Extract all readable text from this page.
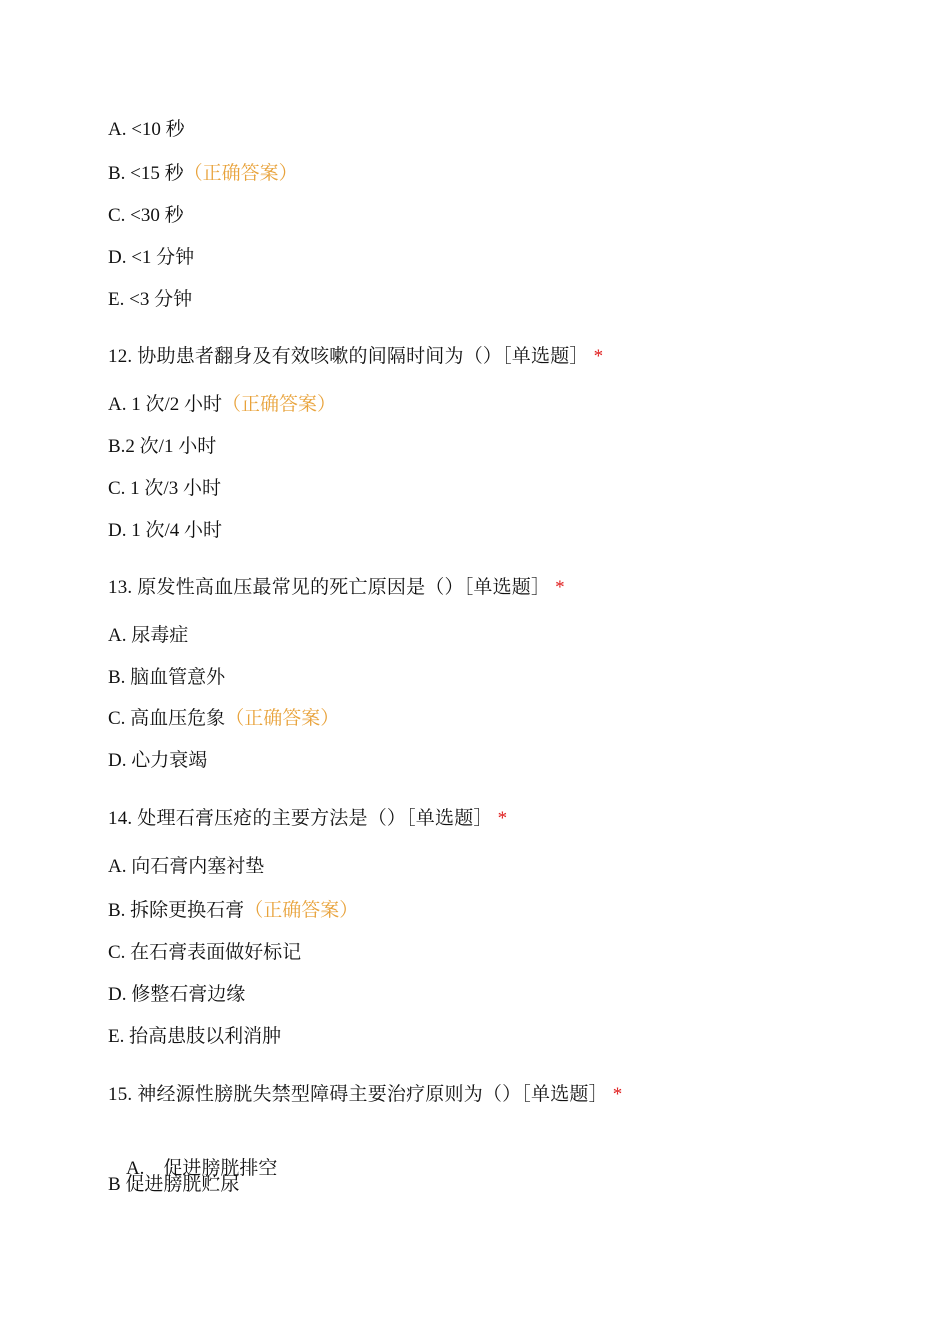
A. <10 秒
B. <15 秒（正确答案）
C. <30 秒
D. <1 分钟
E. <3 分钟
12. 协助患者翻身及有效咳嗽的间隔时间为（）［单选题］ *
A. 1 次/2 小时（正确答案）
B.2 次/1 小时
C. 1 次/3 小时
D. 1 次/4 小时
13. 原发性高血压最常见的死亡原因是（）［单选题］ *
A. 尿毒症
B. 脑血管意外
C. 高血压危象（正确答案）
D. 心力衰竭
14. 处理石膏压疮的主要方法是（）［单选题］ *
A. 向石膏内塞衬垫
B. 拆除更换石膏（正确答案）
C. 在石膏表面做好标记
D. 修整石膏边缘
E. 抬高患肢以利消肿
15. 神经源性膀胱失禁型障碍主要治疗原则为（）［单选题］ *

A.    促进膀胱排空

B 促进膀胱贮尿
